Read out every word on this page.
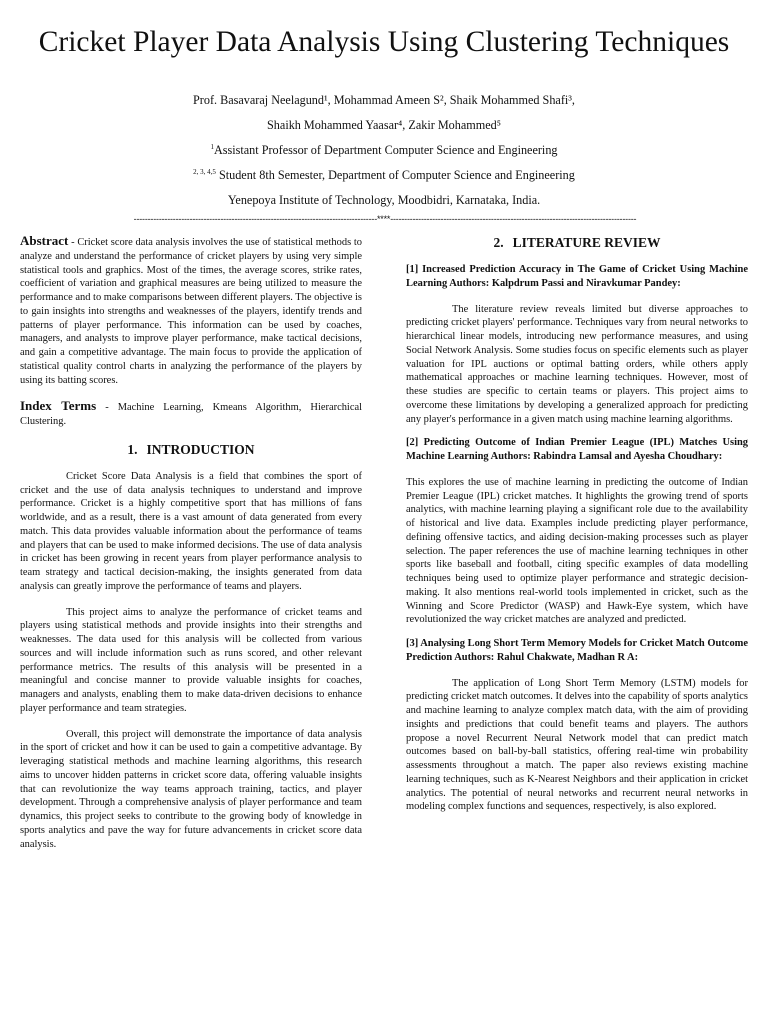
Cricket Player Data Analysis Using Clustering Techniques
Prof. Basavaraj Neelagund¹, Mohammad Ameen S², Shaik Mohammed Shafi³,
Shaikh Mohammed Yaasar⁴, Zakir Mohammed⁵
$^1$Assistant Professor of Department Computer Science and Engineering
$^{2, 3, 4,5}$ Student 8th Semester, Department of Computer Science and Engineering
Yenepoya Institute of Technology, Moodbidri, Karnataka, India.
---------------------------------------------------------------------------------------****----------------------------------------------------------------------------------------

Abstract - Cricket score data analysis involves the use of statistical methods to analyze and understand the performance of cricket players by using very simple statistical tools and graphics. Most of the times, the average scores, strike rates, coefficient of variation and graphical measures are being utilized to measure the performance and to make comparisons between different players. The objective is to gain insights into strengths and weaknesses of the players, identify trends and patterns of player performance. This information can be used by coaches, managers, and analysts to improve player performance, make tactical decisions, and gain a competitive advantage. The main focus to provide the application of statistical quality control charts in analyzing the performance of the players by using its batting scores.

Index Terms - Machine Learning, Kmeans Algorithm, Hierarchical Clustering.

1. INTRODUCTION

Cricket Score Data Analysis is a field that combines the sport of cricket and the use of data analysis techniques to understand and improve performance. Cricket is a highly competitive sport that has millions of fans worldwide, and as a result, there is a vast amount of data generated from every match. This data provides valuable information about the performance of teams and players that can be used to make informed decisions. The use of data analysis in cricket has been growing in recent years from player performance analysis to team strategy and tactical decision-making, the insights generated from data analysis can greatly improve the performance of teams and players.

This project aims to analyze the performance of cricket teams and players using statistical methods and provide insights into their strengths and weaknesses. The data used for this analysis will be collected from various sources and will include information such as runs scored, and other relevant performance metrics. The results of this analysis will be presented in a meaningful and concise manner to provide valuable insights for coaches, managers and analysts, enabling them to make data-driven decisions to enhance player performance and team strategies.

Overall, this project will demonstrate the importance of data analysis in the sport of cricket and how it can be used to gain a competitive advantage. By leveraging statistical methods and machine learning algorithms, this research aims to uncover hidden patterns in cricket score data, offering valuable insights that can revolutionize the way teams approach training, tactics, and player development. Through a comprehensive analysis of player performance and team dynamics, this project seeks to contribute to the growing body of knowledge in sports analytics and pave the way for future advancements in cricket score data analysis.

2. LITERATURE REVIEW
[1] Increased Prediction Accuracy in The Game of Cricket Using Machine Learning Authors: Kalpdrum Passi and Niravkumar Pandey:

The literature review reveals limited but diverse approaches to predicting cricket players' performance. Techniques vary from neural networks to hierarchical linear models, introducing new performance measures, and using Social Network Analysis. Some studies focus on specific elements such as player valuation for IPL auctions or optimal batting orders, while others apply mathematical approaches or machine learning techniques. However, most of these studies are specific to certain teams or players. This project aims to overcome these limitations by developing a generalized approach for predicting any player's performance in a given match using machine learning algorithms.

[2] Predicting Outcome of Indian Premier League (IPL) Matches Using Machine Learning Authors: Rabindra Lamsal and Ayesha Choudhary:

This explores the use of machine learning in predicting the outcome of Indian Premier League (IPL) cricket matches. It highlights the growing trend of sports analytics, with machine learning playing a significant role due to the availability of historical and live data. Examples include predicting player performance, defining offensive tactics, and aiding decision-making processes such as player selection. The paper references the use of machine learning techniques in other sports like baseball and football, citing specific examples of data modelling techniques being used to optimize player performance and strategic decision- making. It also mentions real-world tools implemented in cricket, such as the Winning and Score Predictor (WASP) and Hawk-Eye system, which have revolutionized the way cricket matches are analyzed and predicted.

[3] Analysing Long Short Term Memory Models for Cricket Match Outcome Prediction Authors: Rahul Chakwate, Madhan R A:

The application of Long Short Term Memory (LSTM) models for predicting cricket match outcomes. It delves into the capability of sports analytics and machine learning to analyze complex match data, with the aim of providing insights and predictions that could benefit teams and players. The authors propose a novel Recurrent Neural Network model that can predict match outcomes based on ball-by-ball statistics, offering real-time win probability assessments throughout a match. The paper also reviews existing machine learning techniques, such as K-Nearest Neighbors and their application in cricket analytics. The potential of neural networks and recurrent neural networks in modeling complex functions and sequences, respectively, is also explored.
